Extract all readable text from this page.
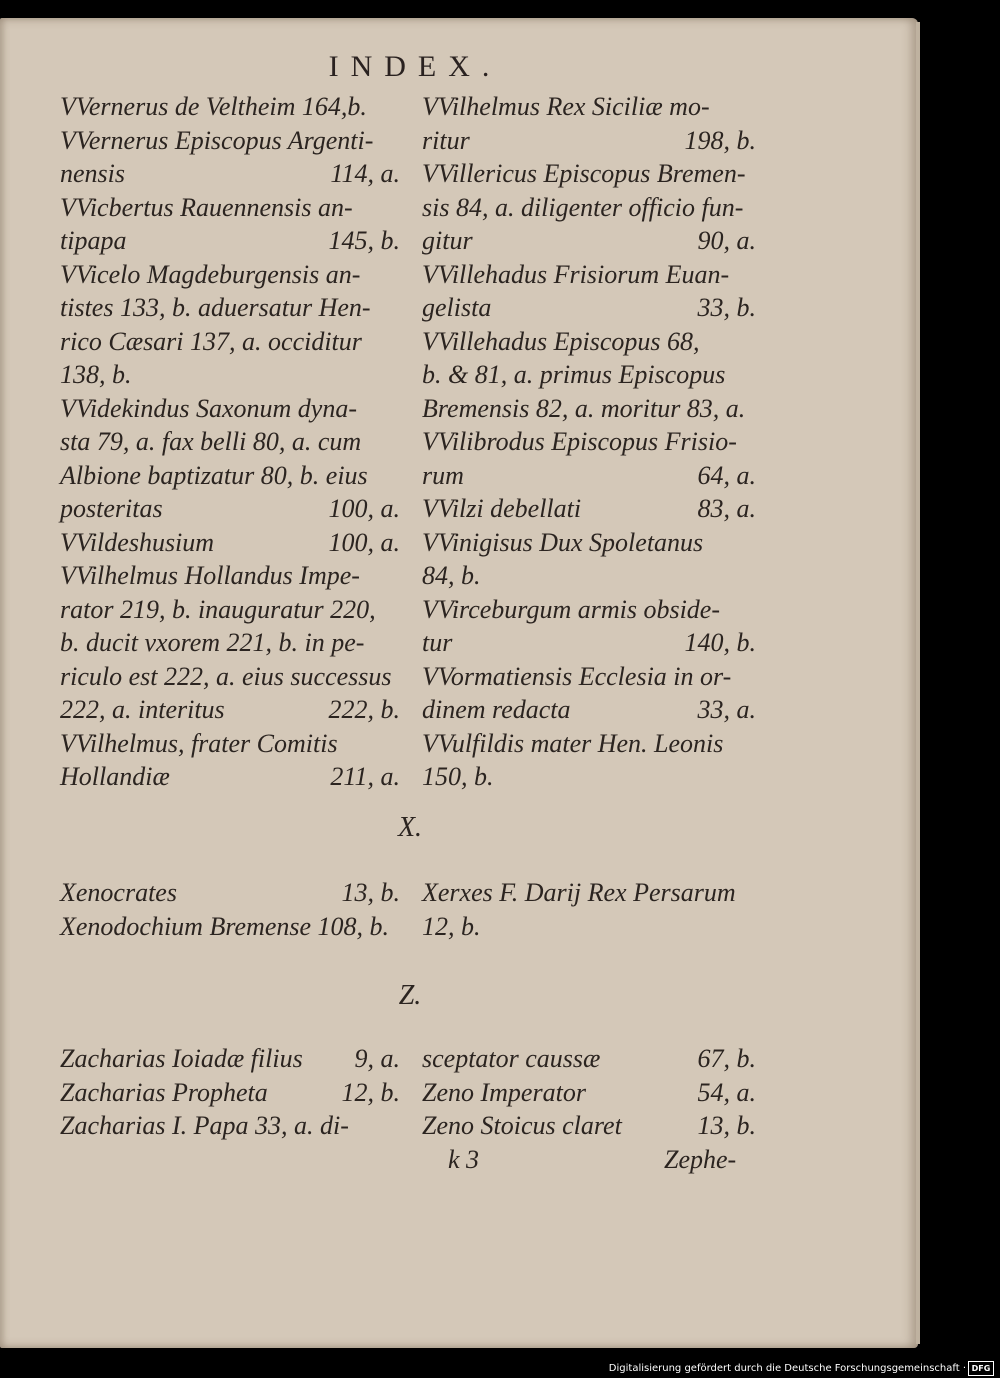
INDEX.
VVernerus de Veltheim 164,b.
VVernerus Episcopus Argenti-
nensis	114, a.
VVicbertus Rauennensis an-
tipapa	145, b.
VVicelo Magdeburgensis an-
tistes 133, b. aduersatur Hen-
rico Cæsari 137, a. occiditur
138, b.
VVidekindus Saxonum dyna-
sta 79, a. fax belli 80, a. cum
Albione baptizatur 80, b. eius
posteritas	100, a.
VVildeshusium	100, a.
VVilhelmus Hollandus Impe-
rator 219, b. inauguratur 220,
b. ducit vxorem 221, b. in pe-
riculo est 222, a. eius successus
222, a. interitus	222, b.
VVilhelmus, frater Comitis
Hollandiæ	211, a.
VVilhelmus Rex Siciliæ mo-
ritur	198, b.
VVillericus Episcopus Bremen-
sis 84, a. diligenter officio fun-
gitur	90, a.
VVillehadus Frisiorum Euan-
gelista	33, b.
VVillehadus Episcopus 68,
b. & 81, a. primus Episcopus
Bremensis 82, a. moritur 83, a.
VVilibrodus Episcopus Frisio-
rum	64, a.
VVilzi debellati	83, a.
VVinigisus Dux Spoletanus
84, b.
VVirceburgum armis obside-
tur	140, b.
VVormatiensis Ecclesia in or-
dinem redacta	33, a.
VVulfildis mater Hen. Leonis
150, b.
X.
Xenocrates	13, b.
Xenodochium Bremense 108, b.
Xerxes F. Darij Rex Persarum
12, b.
Z.
Zacharias Ioiadæ filius 9, a.
Zacharias Propheta	12, b.
Zacharias I. Papa 33, a. di-
sceptator caussæ	67, b.
Zeno Imperator	54, a.
Zeno Stoicus claret	13, b.
k 3	Zephe-
Digitalisierung gefördert durch die Deutsche Forschungsgemeinschaft · DFG
